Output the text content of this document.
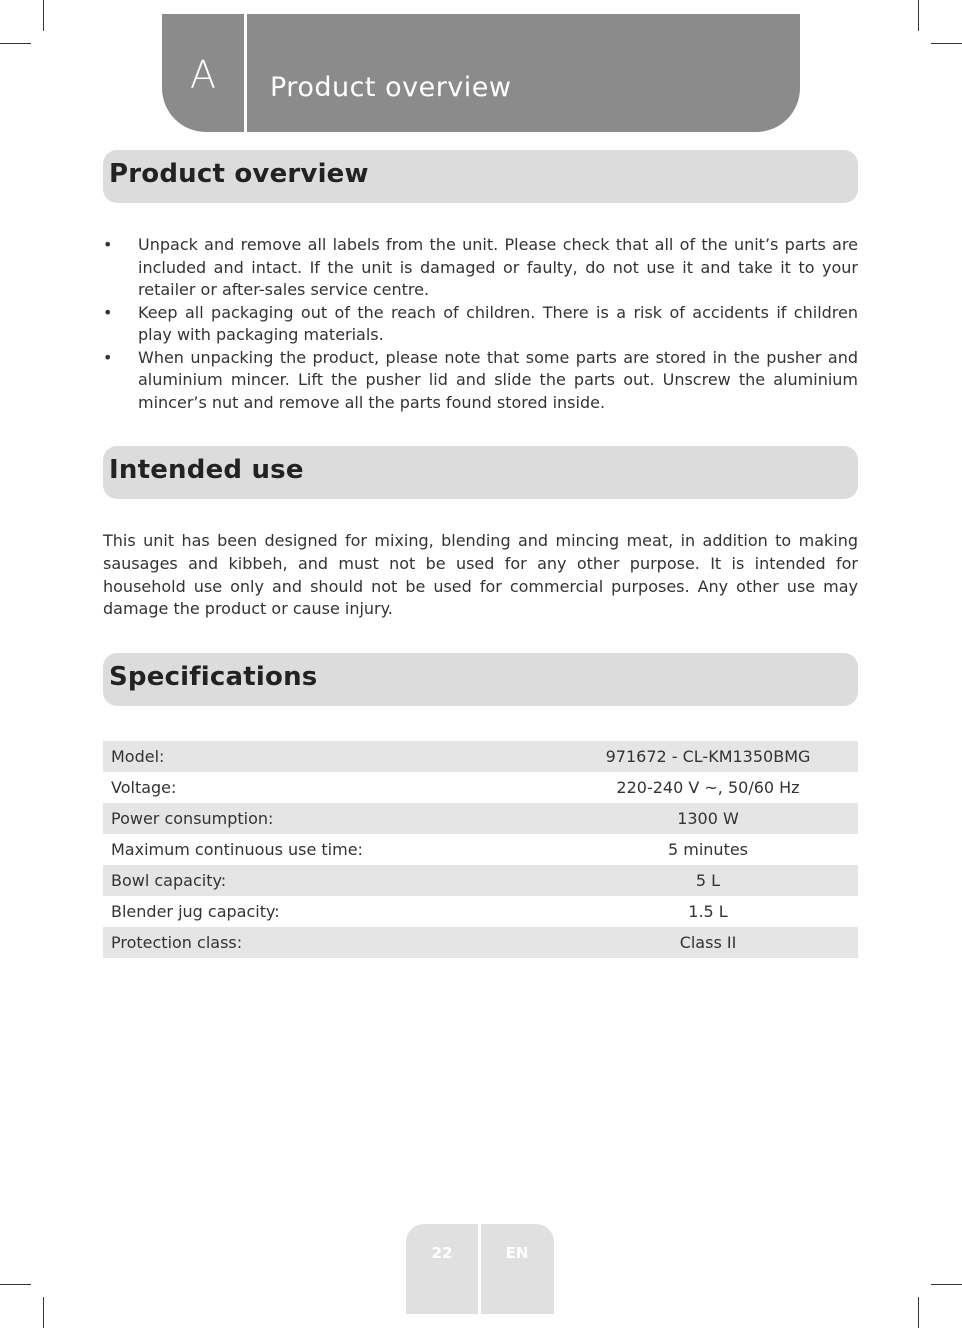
A	Product overview
Product overview
• Unpack and remove all labels from the unit. Please check that all of the unit’s parts are included and intact. If the unit is damaged or faulty, do not use it and take it to your retailer or after-sales service centre.
• Keep all packaging out of the reach of children. There is a risk of accidents if children play with packaging materials.
• When unpacking the product, please note that some parts are stored in the pusher and aluminium mincer. Lift the pusher lid and slide the parts out. Unscrew the aluminium mincer’s nut and remove all the parts found stored inside.
Intended use

This unit has been designed for mixing, blending and mincing meat, in addition to making sausages and kibbeh, and must not be used for any other purpose. It is intended for household use only and should not be used for commercial purposes. Any other use may damage the product or cause injury.

Specifications
Model:	971672 - CL-KM1350BMG
Voltage:	220-240 V ~, 50/60 Hz
Power consumption:	1300 W
Maximum continuous use time:	5 minutes
Bowl capacity:	5 L
Blender jug capacity:	1.5 L
Protection class:	Class II
22	EN
